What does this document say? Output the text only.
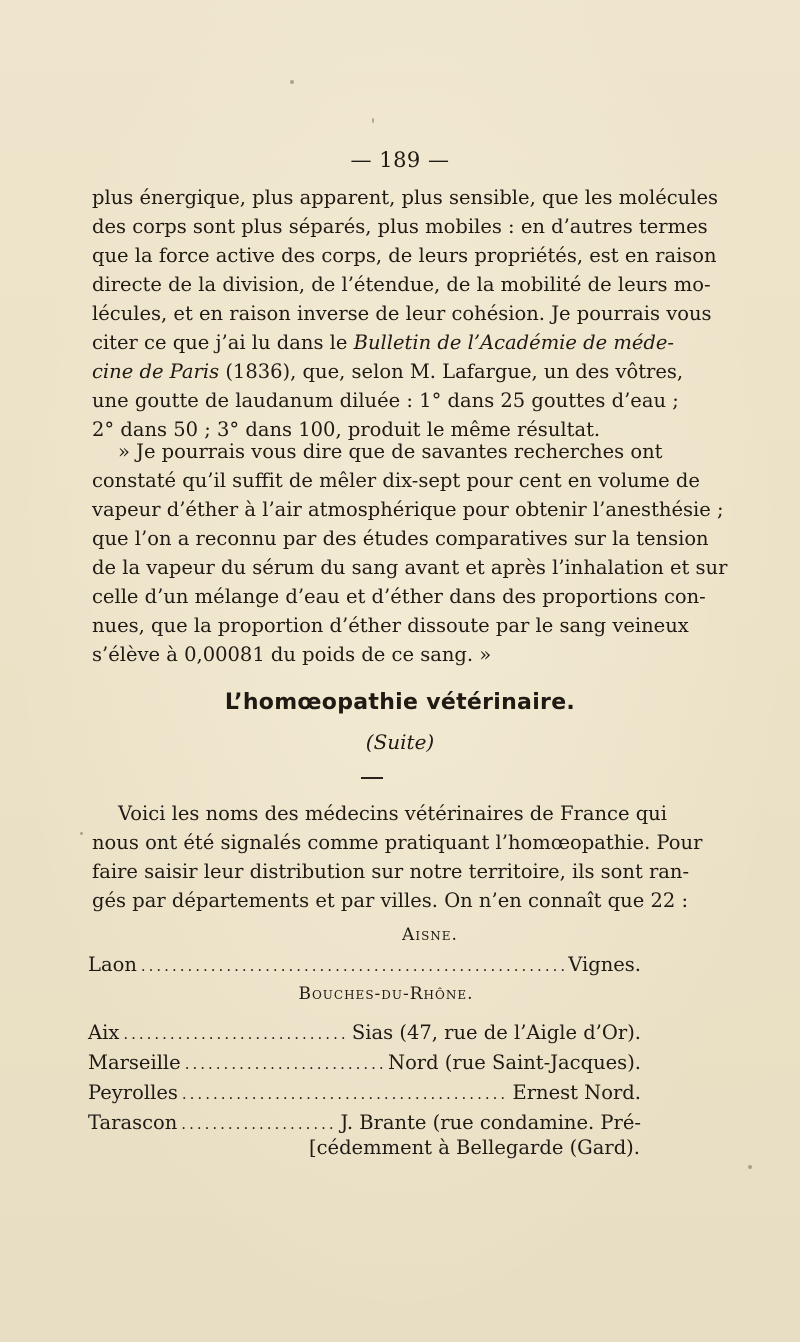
— 189 —
plus énergique, plus apparent, plus sensible, que les molécules
des corps sont plus séparés, plus mobiles : en d’autres termes
que la force active des corps, de leurs propriétés, est en raison
directe de la division, de l’étendue, de la mobilité de leurs mo-
lécules, et en raison inverse de leur cohésion. Je pourrais vous
citer ce que j’ai lu dans le Bulletin de l’Académie de méde-
cine de Paris (1836), que, selon M. Lafargue, un des vôtres,
une goutte de laudanum diluée : 1° dans 25 gouttes d’eau ;
2° dans 50 ; 3° dans 100, produit le même résultat.
» Je pourrais vous dire que de savantes recherches ont
constaté qu’il suffit de mêler dix-sept pour cent en volume de
vapeur d’éther à l’air atmosphérique pour obtenir l’anesthésie ;
que l’on a reconnu par des études comparatives sur la tension
de la vapeur du sérum du sang avant et après l’inhalation et sur
celle d’un mélange d’eau et d’éther dans des proportions con-
nues, que la proportion d’éther dissoute par le sang veineux
s’élève à 0,00081 du poids de ce sang. »
L’homœopathie vétérinaire.
(Suite)
Voici les noms des médecins vétérinaires de France qui
nous ont été signalés comme pratiquant l’homœopathie. Pour
faire saisir leur distribution sur notre territoire, ils sont ran-
gés par départements et par villes. On n’en connaît que 22 :
Aisne.
Laon .....	Vignes.
Bouches-du-Rhône.
Aix .....	Sias (47, rue de l’Aigle d’Or).
Marseille .....	Nord (rue Saint-Jacques).
Peyrolles .....	Ernest Nord.
Tarascon .....	J. Brante (rue condamine. Pré-
[cédemment à Bellegarde (Gard).
